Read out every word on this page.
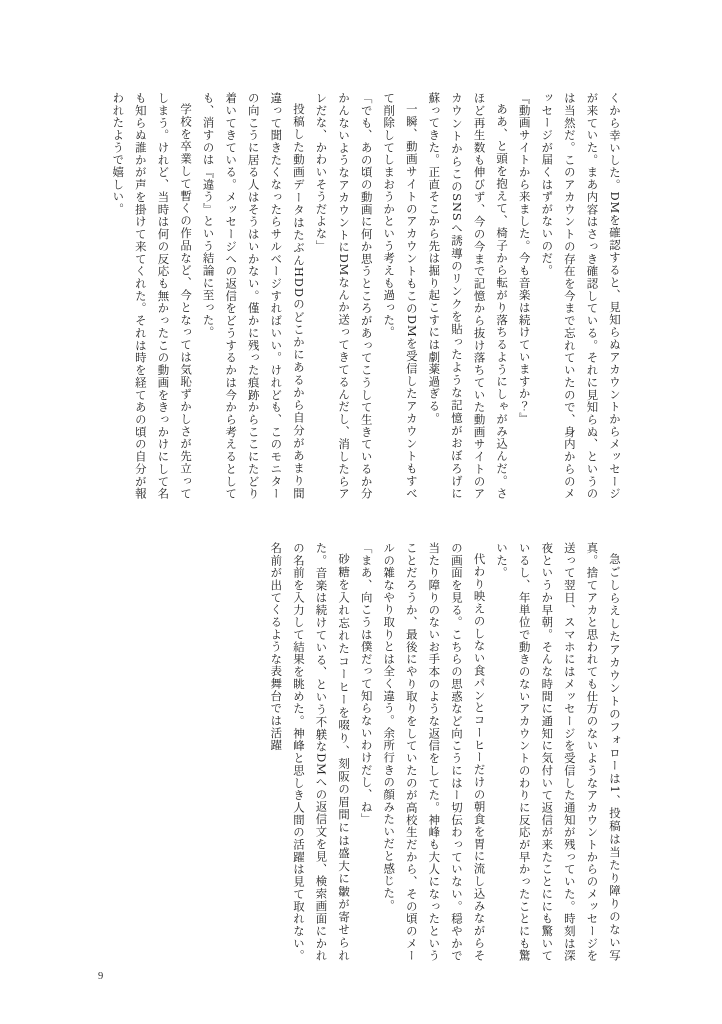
くから幸いした。DMを確認すると、見知らぬアカウントからメッセージが来ていた。まあ内容はさっき確認している。それに見知らぬ、というのは当然だ。このアカウントの存在を今まで忘れていたので、身内からのメッセージが届くはずがないのだ。

『動画サイトから来ました。今も音楽は続けていますか？』

ああ、と頭を抱えて、椅子から転がり落ちるようにしゃがみ込んだ。さほど再生数も伸びず、今の今まで記憶から抜け落ちていた動画サイトのアカウントからこのSNSへ誘導のリンクを貼ったような記憶がおぼろげに蘇ってきた。正直そこから先は掘り起こすには劇薬過ぎる。

一瞬、動画サイトのアカウントもこのDMを受信したアカウントもすべて削除してしまおうかという考えも過った。

「でも、あの頃の動画に何か思うところがあってこうして生きているか分かんないようなアカウントにDMなんか送ってきてるんだし、消したらアレだな、かわいそうだよな」

投稿した動画データはたぶんHDDのどこかにあるから自分があまり間違って聞きたくなったらサルベージすればいい。けれども、このモニターの向こうに居る人はそうはいかない。僅かに残った痕跡からここにたどり着いてきている。メッセージへの返信をどうするかは今から考えるとしても、消すのは『違う』という結論に至った。

学校を卒業して暫くの作品など、今となっては気恥ずかしさが先立ってしまう。けれど、当時は何の反応も無かったこの動画をきっかけにして名も知らぬ誰かが声を掛けて来てくれた。それは時を経てあの頃の自分が報われたようで嬉しい。

急ごしらえしたアカウントのフォローは1、投稿は当たり障りのない写真。捨てアカと思われても仕方のないようなアカウントからのメッセージを送って翌日、スマホにはメッセージを受信した通知が残っていた。時刻は深夜というか早朝。そんな時間に通知に気付いて返信が来たことににも驚いているし、年単位で動きのないアカウントのわりに反応が早かったことにも驚いた。

代わり映えのしない食パンとコーヒーだけの朝食を胃に流し込みながらその画面を見る。こちらの思惑など向こうにはー切伝わっていない。穏やかで当たり障りのないお手本のような返信をしてた。神峰も大人になったということだろうか、最後にやり取りをしていたのが高校生だから、その頃のメールの雑なやり取りとは全く違う。余所行きの顔みたいだと感じた。

「まあ、向こうは僕だって知らないわけだし、ね」

砂糖を入れ忘れたコーヒーを啜り、刻阪の眉間には盛大に皺が寄せられた。音楽は続けている、という不躾なDMへの返信文を見、検索画面にかれの名前を入力して結果を眺めた。神峰と思しき人間の活躍は見て取れない。名前が出てくるような表舞台では活躍

9
